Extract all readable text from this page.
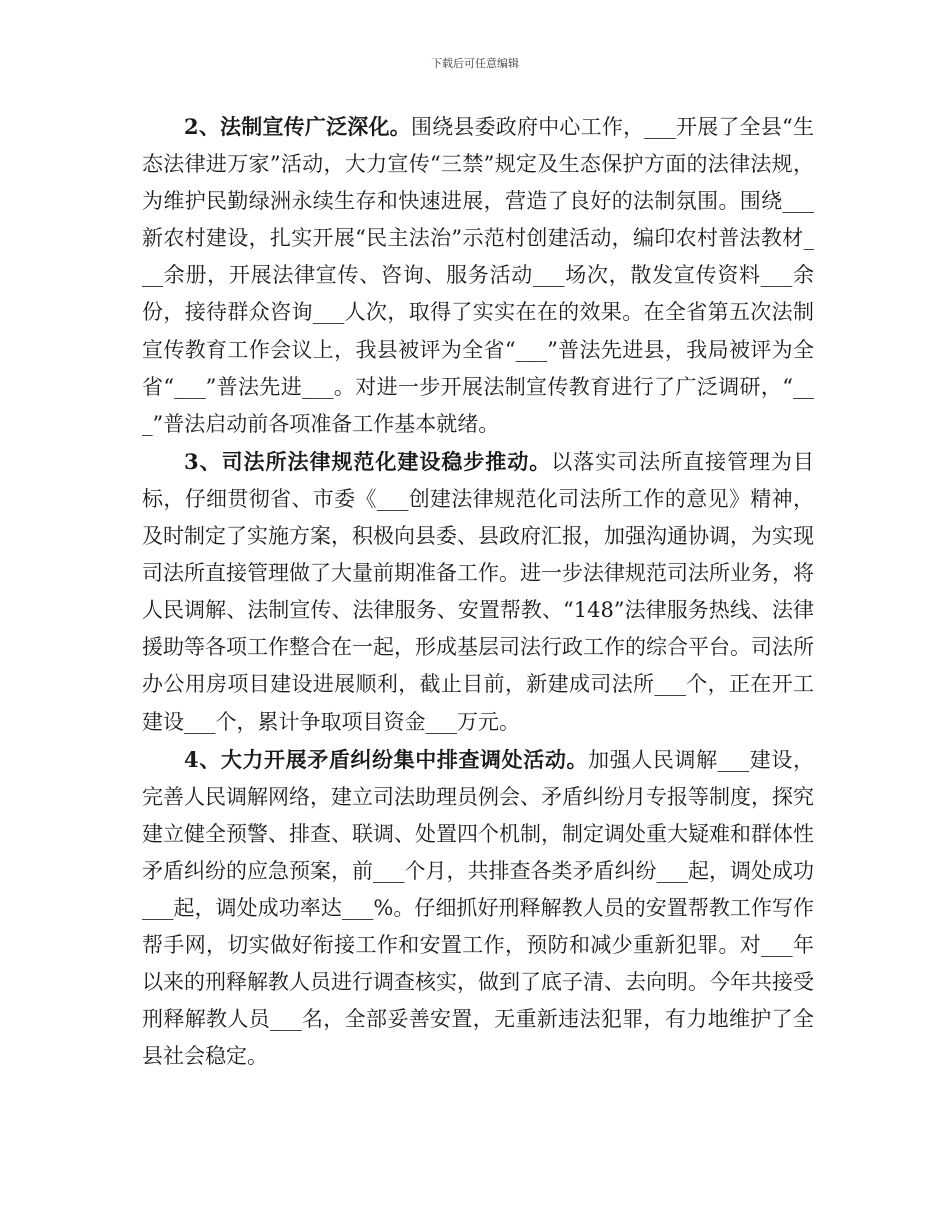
下载后可任意编辑

2、法制宣传广泛深化。围绕县委政府中心工作，___开展了全县“生态法律进万家”活动，大力宣传“三禁”规定及生态保护方面的法律法规，为维护民勤绿洲永续生存和快速进展，营造了良好的法制氛围。围绕___新农村建设，扎实开展“民主法治”示范村创建活动，编印农村普法教材___余册，开展法律宣传、咨询、服务活动___场次，散发宣传资料___余份，接待群众咨询___人次，取得了实实在在的效果。在全省第五次法制宣传教育工作会议上，我县被评为全省“___”普法先进县，我局被评为全省“___”普法先进___。对进一步开展法制宣传教育进行了广泛调研，“___”普法启动前各项准备工作基本就绪。

3、司法所法律规范化建设稳步推动。以落实司法所直接管理为目标，仔细贯彻省、市委《___创建法律规范化司法所工作的意见》精神，及时制定了实施方案，积极向县委、县政府汇报，加强沟通协调，为实现司法所直接管理做了大量前期准备工作。进一步法律规范司法所业务，将人民调解、法制宣传、法律服务、安置帮教、“148”法律服务热线、法律援助等各项工作整合在一起，形成基层司法行政工作的综合平台。司法所办公用房项目建设进展顺利，截止目前，新建成司法所___个，正在开工建设___个，累计争取项目资金___万元。

4、大力开展矛盾纠纷集中排查调处活动。加强人民调解___建设，完善人民调解网络，建立司法助理员例会、矛盾纠纷月专报等制度，探究建立健全预警、排查、联调、处置四个机制，制定调处重大疑难和群体性矛盾纠纷的应急预案，前___个月，共排查各类矛盾纠纷___起，调处成功___起，调处成功率达___%。仔细抓好刑释解教人员的安置帮教工作写作帮手网，切实做好衔接工作和安置工作，预防和减少重新犯罪。对___年以来的刑释解教人员进行调查核实，做到了底子清、去向明。今年共接受刑释解教人员___名，全部妥善安置，无重新违法犯罪，有力地维护了全县社会稳定。
